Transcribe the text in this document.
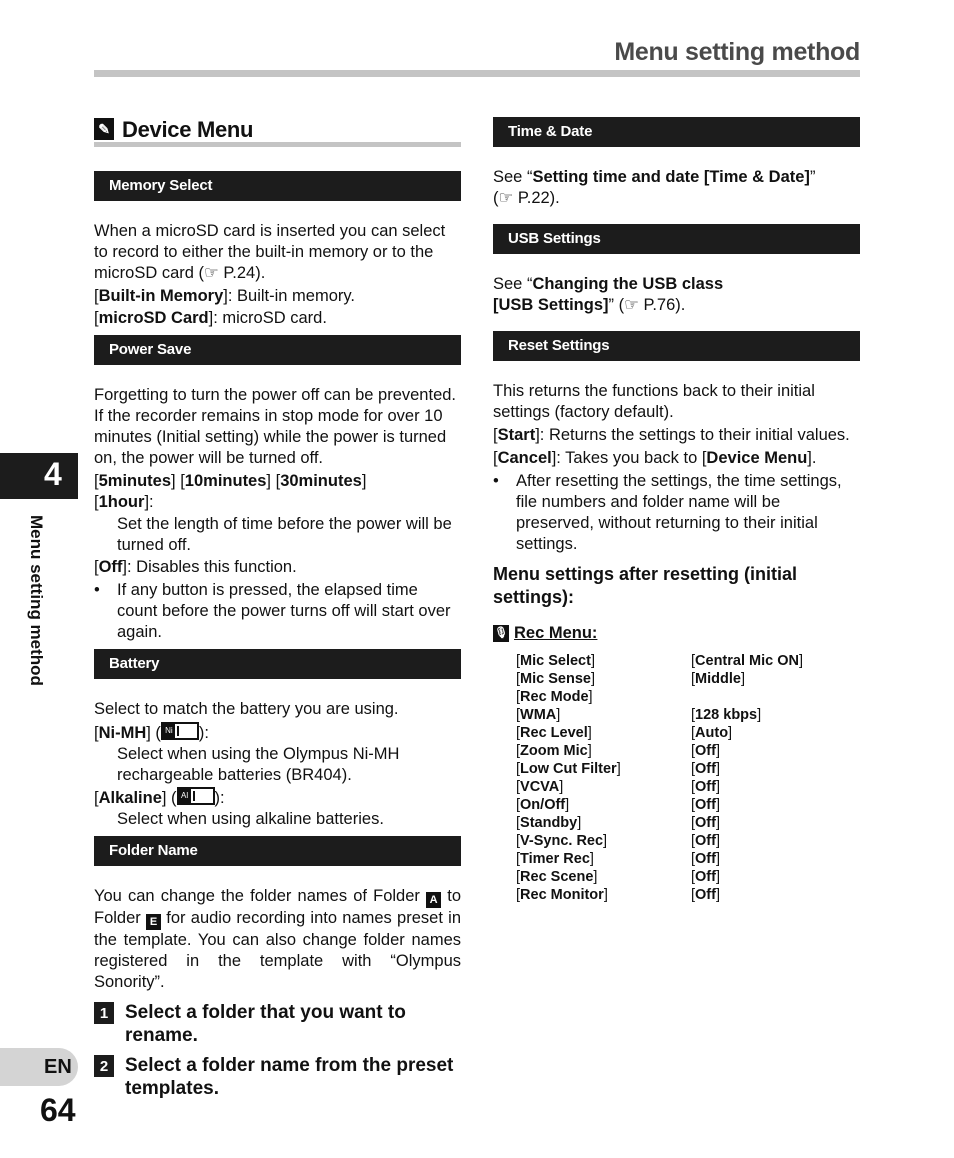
Menu setting method
4
Menu setting method
EN
64
✎ Device Menu
Memory Select

When a microSD card is inserted you can select to record to either the built-in memory or to the microSD card (☞ P.24).

[Built-in Memory]: Built-in memory.

[microSD Card]: microSD card.

Power Save

Forgetting to turn the power off can be prevented. If the recorder remains in stop mode for over 10 minutes (Initial setting) while the power is turned on, the power will be turned off.

[5minutes] [10minutes] [30minutes]
[1hour]:

Set the length of time before the power will be turned off.

[Off]: Disables this function.

•	If any button is pressed, the elapsed time count before the power turns off will start over again.
Battery

Select to match the battery you are using.

[Ni-MH] ( Ni ):

Select when using the Olympus Ni-MH rechargeable batteries (BR404).

[Alkaline] ( Al ):

Select when using alkaline batteries.

Folder Name

You can change the folder names of Folder A to Folder E for audio recording into names preset in the template. You can also change folder names registered in the template with “Olympus Sonority”.

1 Select a folder that you want to rename.
2 Select a folder name from the preset templates.
Time & Date

See “Setting time and date [Time & Date]”
(☞ P.22).

USB Settings

See “Changing the USB class
[USB Settings]” (☞ P.76).

Reset Settings

This returns the functions back to their initial settings (factory default).

[Start]: Returns the settings to their initial values.

[Cancel]: Takes you back to [Device Menu].

•	After resetting the settings, the time settings, file numbers and folder name will be preserved, without returning to their initial settings.

Menu settings after resetting (initial settings):

🎙 Rec Menu:
[Mic Select]	[Central Mic ON]
[Mic Sense]	[Middle]
[Rec Mode]	
[WMA]	[128 kbps]
[Rec Level]	[Auto]
[Zoom Mic]	[Off]
[Low Cut Filter]	[Off]
[VCVA]	[Off]
[On/Off]	[Off]
[Standby]	[Off]
[V-Sync. Rec]	[Off]
[Timer Rec]	[Off]
[Rec Scene]	[Off]
[Rec Monitor]	[Off]
